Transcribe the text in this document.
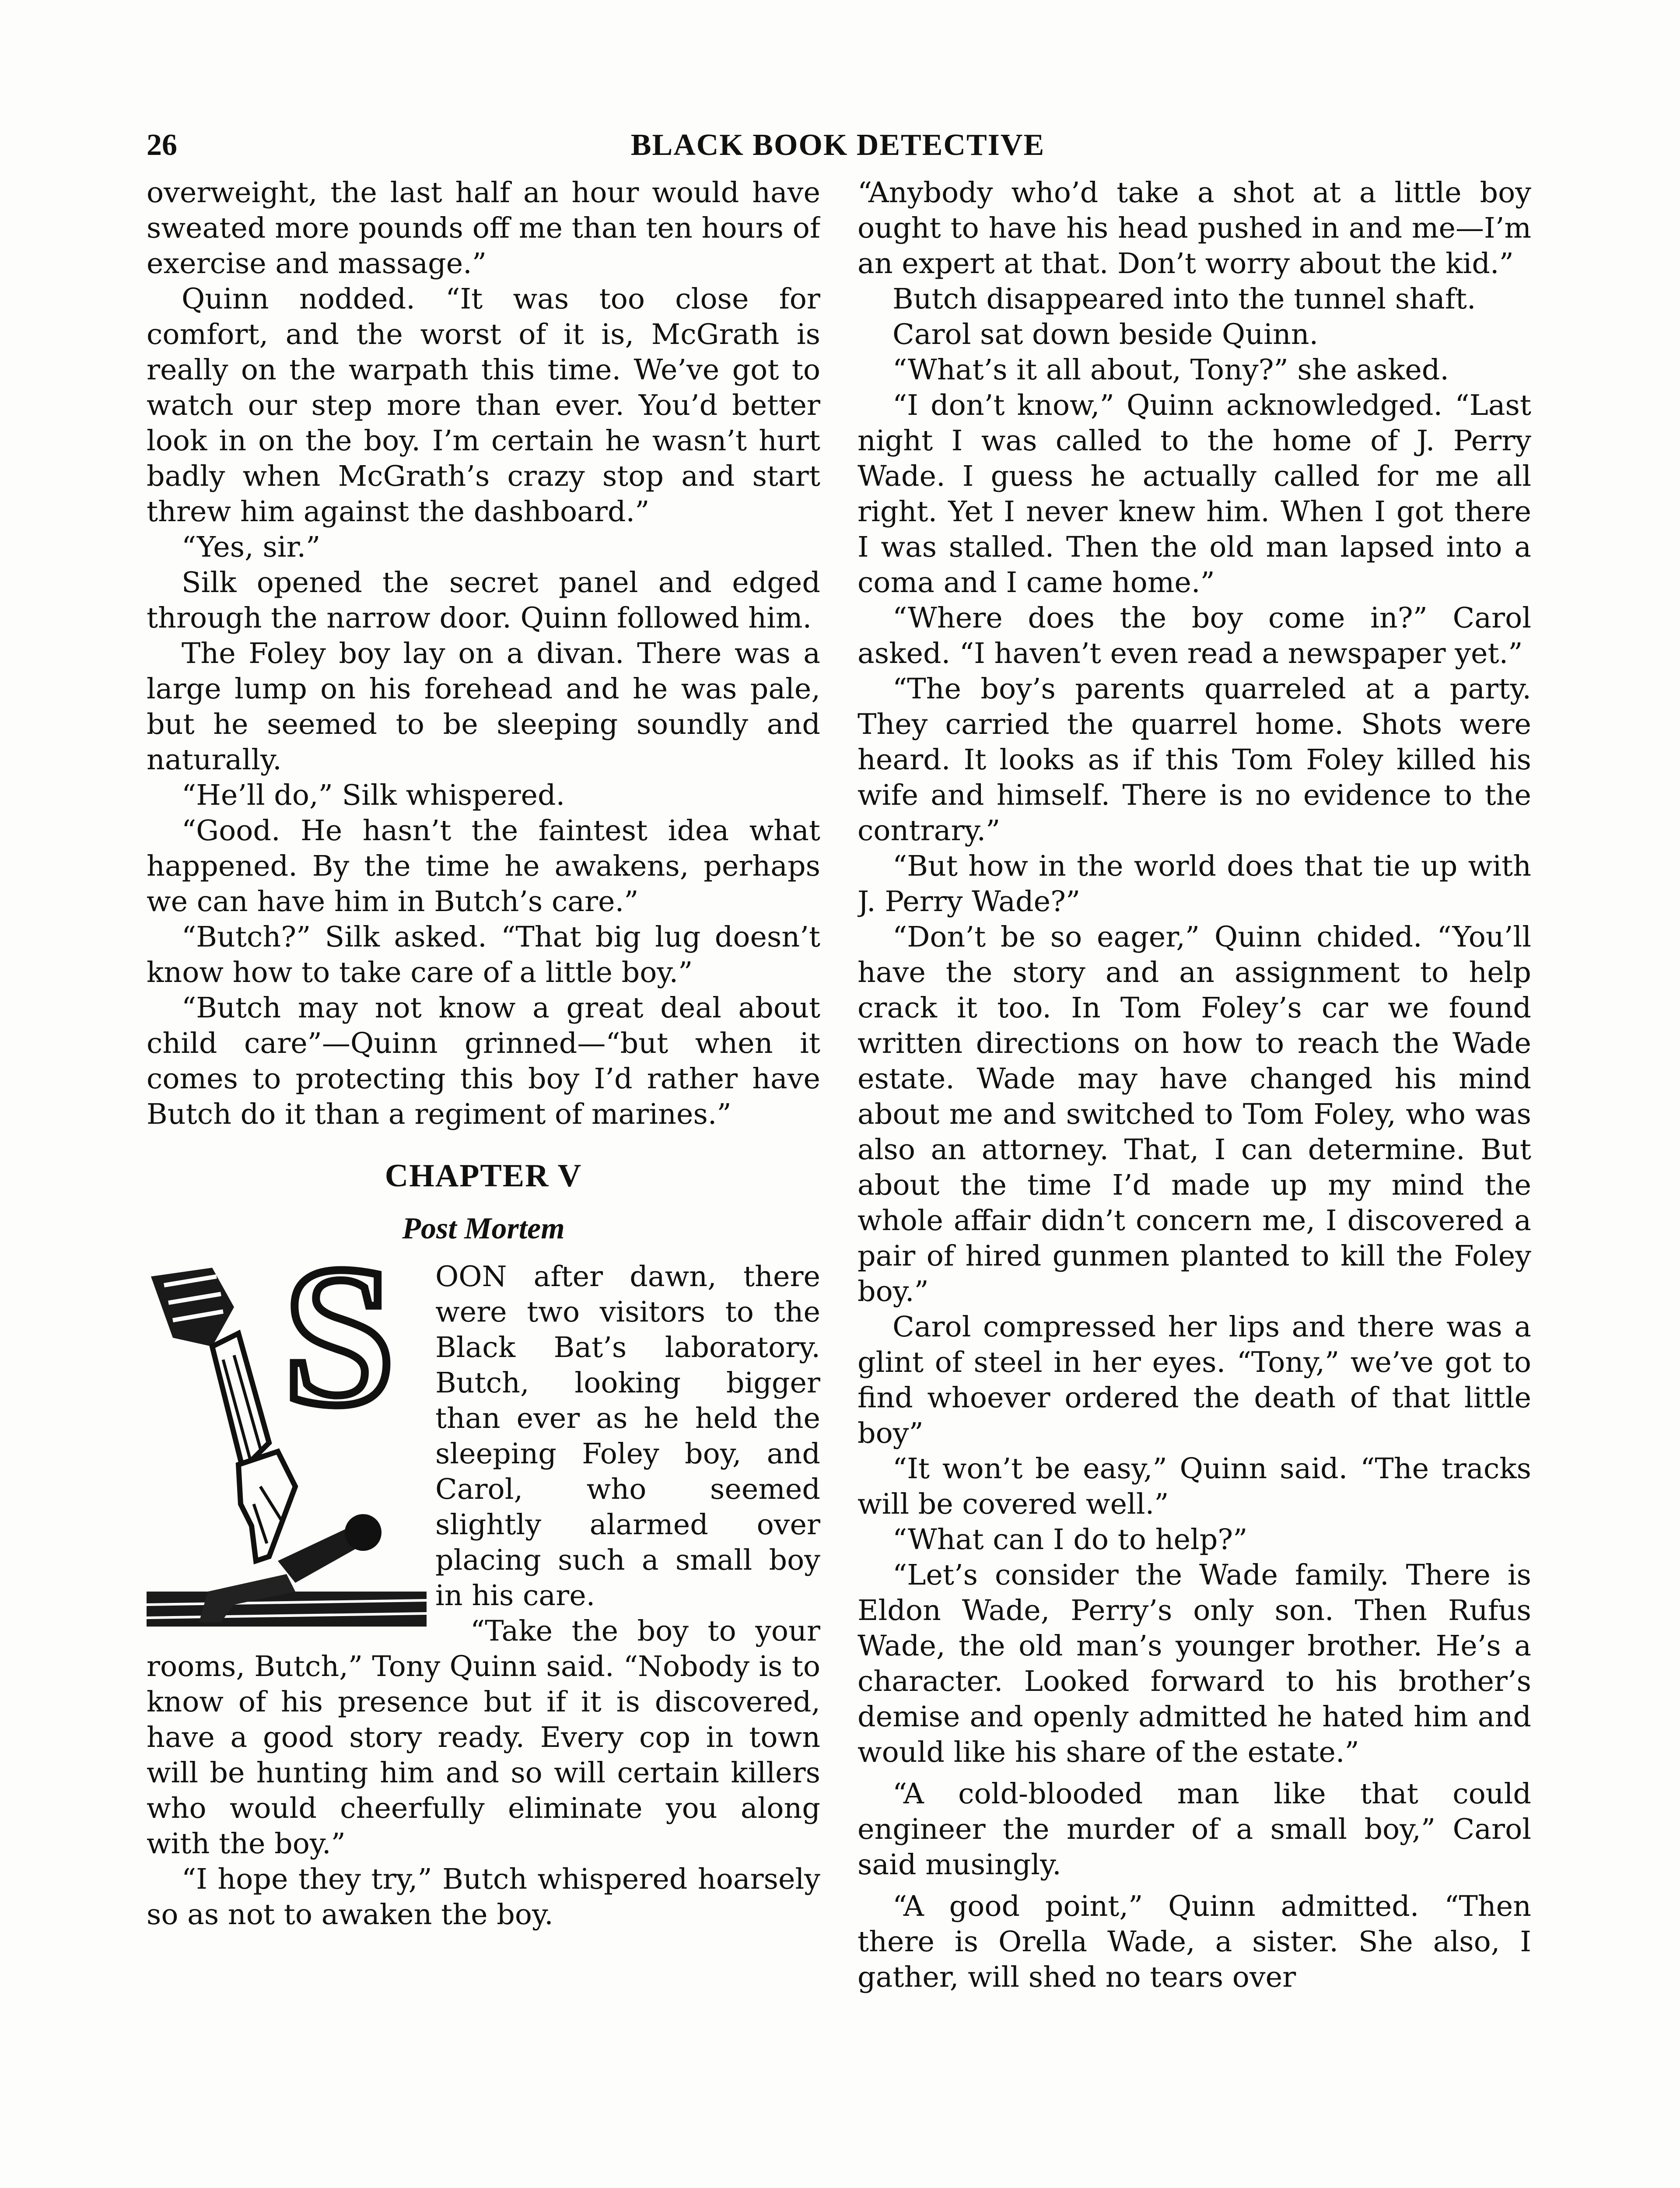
26	BLACK BOOK DETECTIVE

overweight, the last half an hour would have sweated more pounds off me than ten hours of exercise and massage.”

Quinn nodded. “It was too close for comfort, and the worst of it is, McGrath is really on the warpath this time. We’ve got to watch our step more than ever. You’d better look in on the boy. I’m certain he wasn’t hurt badly when McGrath’s crazy stop and start threw him against the dashboard.”

“Yes, sir.”

Silk opened the secret panel and edged through the narrow door. Quinn followed him.

The Foley boy lay on a divan. There was a large lump on his forehead and he was pale, but he seemed to be sleeping soundly and naturally.

“He’ll do,” Silk whispered.

“Good. He hasn’t the faintest idea what happened. By the time he awakens, perhaps we can have him in Butch’s care.”

“Butch?” Silk asked. “That big lug doesn’t know how to take care of a little boy.”

“Butch may not know a great deal about child care”—Quinn grinned—“but when it comes to protecting this boy I’d rather have Butch do it than a regiment of marines.”

CHAPTER V
Post Mortem
S	OON after dawn, there were two visitors to the Black Bat’s laboratory. Butch, looking bigger than ever as he held the sleeping Foley boy, and Carol, who seemed slightly alarmed over placing such a small boy in his care.

“Take the boy to your rooms, Butch,” Tony Quinn said. “Nobody is to know of his presence but if it is discovered, have a good story ready. Every cop in town will be hunting him and so will certain killers who would cheerfully eliminate you along with the boy.”

“I hope they try,” Butch whispered hoarsely so as not to awaken the boy.

“Anybody who’d take a shot at a little boy ought to have his head pushed in and me—I’m an expert at that. Don’t worry about the kid.”

Butch disappeared into the tunnel shaft.

Carol sat down beside Quinn.

“What’s it all about, Tony?” she asked.

“I don’t know,” Quinn acknowledged. “Last night I was called to the home of J. Perry Wade. I guess he actually called for me all right. Yet I never knew him. When I got there I was stalled. Then the old man lapsed into a coma and I came home.”

“Where does the boy come in?” Carol asked. “I haven’t even read a newspaper yet.”

“The boy’s parents quarreled at a party. They carried the quarrel home. Shots were heard. It looks as if this Tom Foley killed his wife and himself. There is no evidence to the contrary.”

“But how in the world does that tie up with J. Perry Wade?”

“Don’t be so eager,” Quinn chided. “You’ll have the story and an assignment to help crack it too. In Tom Foley’s car we found written directions on how to reach the Wade estate. Wade may have changed his mind about me and switched to Tom Foley, who was also an attorney. That, I can determine. But about the time I’d made up my mind the whole affair didn’t concern me, I discovered a pair of hired gunmen planted to kill the Foley boy.”

Carol compressed her lips and there was a glint of steel in her eyes. “Tony,” we’ve got to find whoever ordered the death of that little boy”

“It won’t be easy,” Quinn said. “The tracks will be covered well.”

“What can I do to help?”

“Let’s consider the Wade family. There is Eldon Wade, Perry’s only son. Then Rufus Wade, the old man’s younger brother. He’s a character. Looked forward to his brother’s demise and openly admitted he hated him and would like his share of the estate.”

“A cold-blooded man like that could engineer the murder of a small boy,” Carol said musingly.

“A good point,” Quinn admitted. “Then there is Orella Wade, a sister. She also, I gather, will shed no tears over
